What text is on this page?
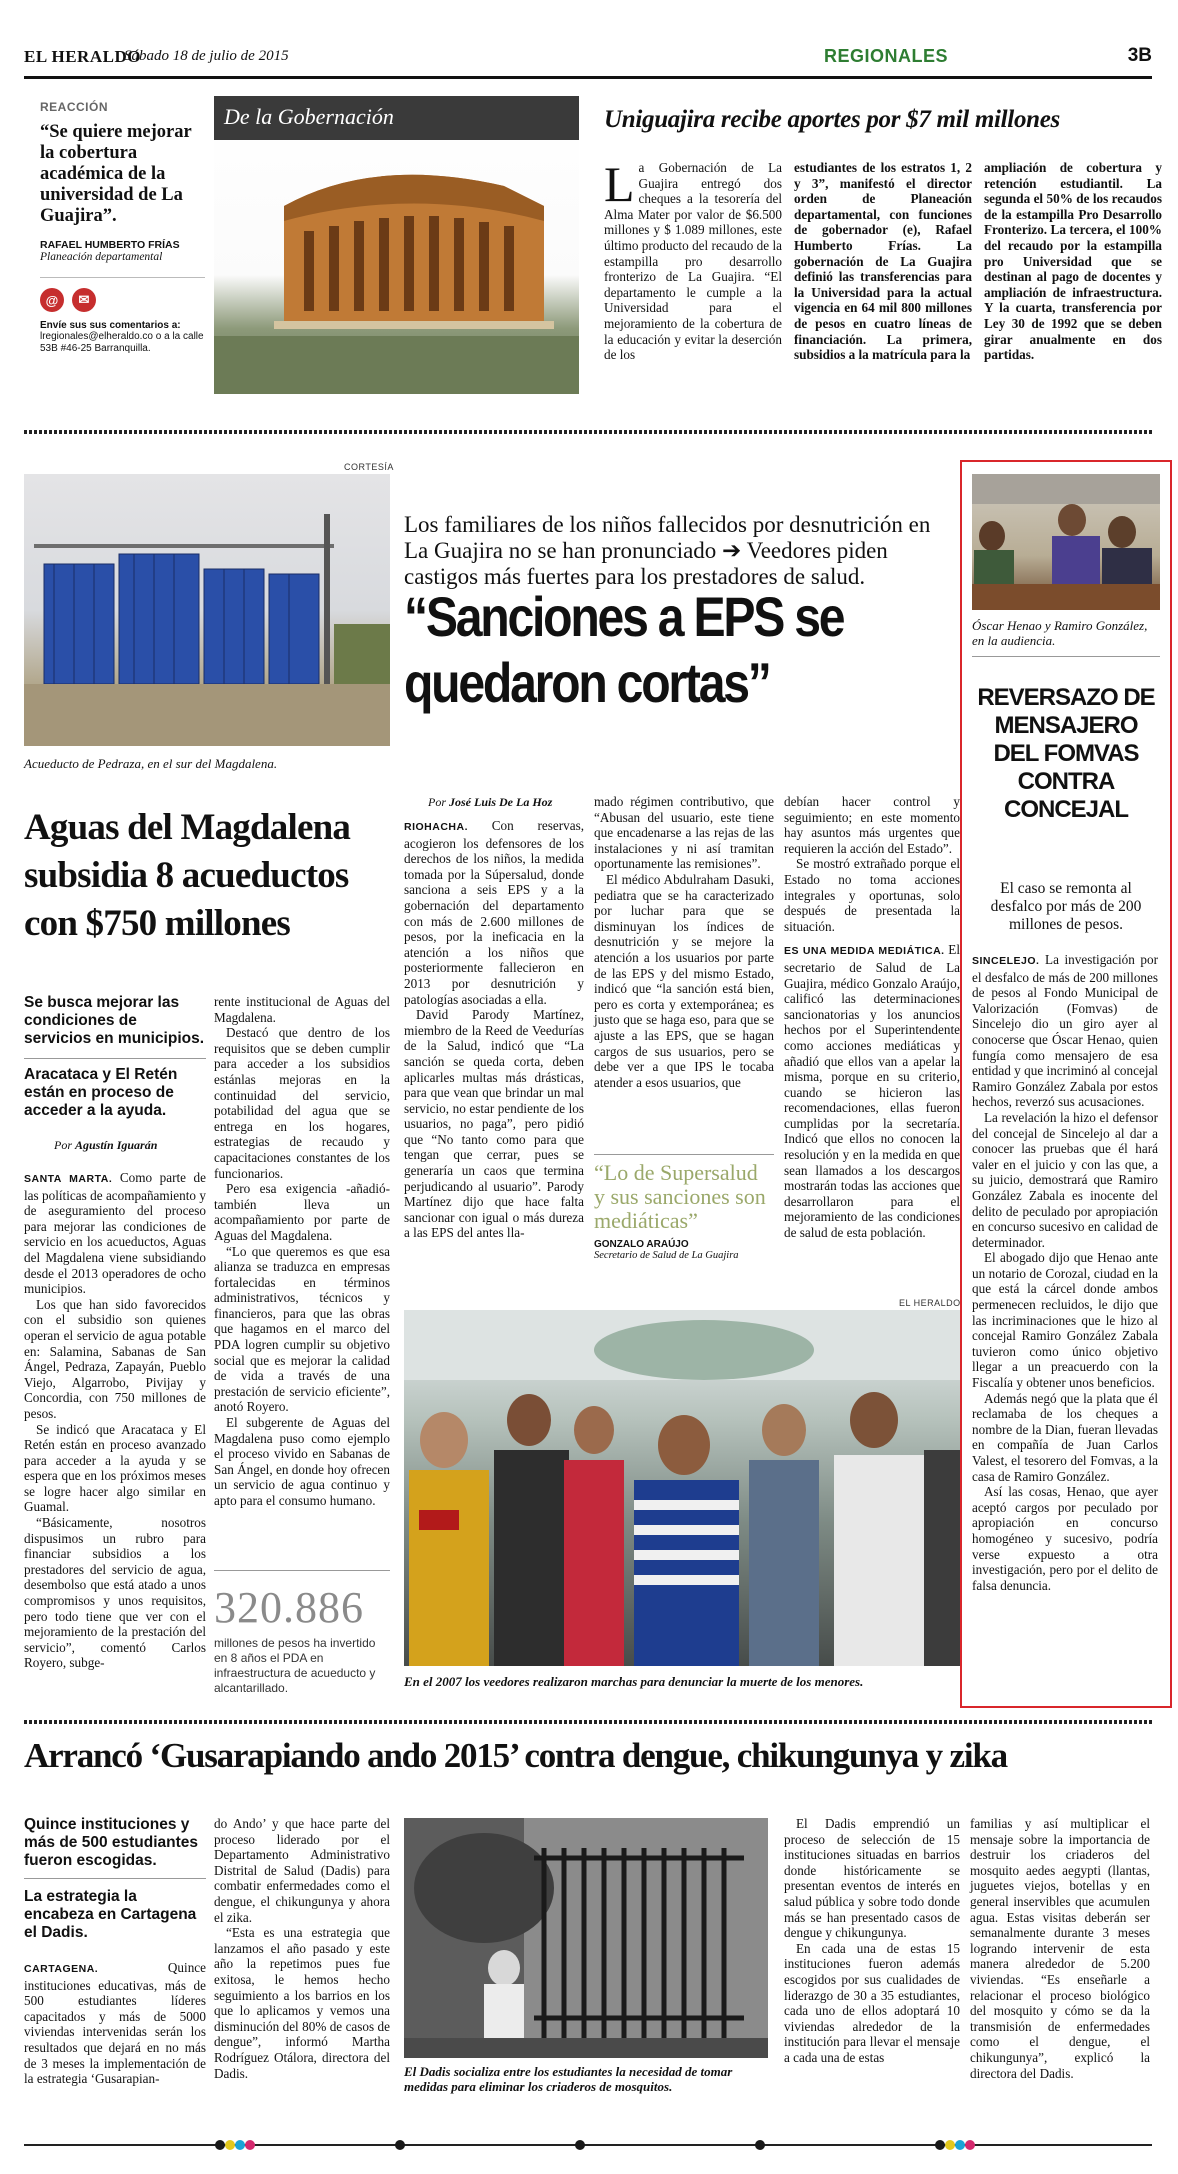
EL HERALDO
Sábado 18 de julio de 2015	REGIONALES	3B
REACCIÓN
“Se quiere mejorar la cobertura académica de la universidad de La Guajira”.
RAFAEL HUMBERTO FRÍAS
Planeación departamental
@	✉
Envíe sus sus comentarios a:
lregionales@elheraldo.co o a la calle 53B #46-25 Barranquilla.
De la Gobernación	Uniguajira recibe aportes por $7 mil millones
L a Gobernación de La Guajira entregó dos cheques a la tesorería del Alma Mater por valor de $6.500 millones y $ 1.089 millones, este último producto del recaudo de la estampilla pro desarrollo fronterizo de La Guajira. “El departamento le cumple a la Universidad para el mejoramiento de la cobertura de la educación y evitar la deserción de los
estudiantes de los estratos 1, 2 y 3”, manifestó el director orden de Planeación departamental, con funciones de gobernador (e), Rafael Humberto Frías. La gobernación de La Guajira definió las transferencias para la Universidad para la actual vigencia en 64 mil 800 millones de pesos en cuatro líneas de financiación. La primera, subsidios a la matrícula para la
ampliación de cobertura y retención estudiantil. La segunda el 50% de los recaudos de la estampilla Pro Desarrollo Fronterizo. La tercera, el 100% del recaudo por la estampilla pro Universidad que se destinan al pago de docentes y ampliación de infraestructura. Y la cuarta, transferencia por Ley 30 de 1992 que se deben girar anualmente en dos partidas.
CORTESÍA
Acueducto de Pedraza, en el sur del Magdalena.
Aguas del Magdalena subsidia 8 acueductos con $750 millones
Se busca mejorar las condiciones de servicios en municipios.
Aracataca y El Retén están en proceso de acceder a la ayuda.
Por Agustín Iguarán

SANTA MARTA. Como parte de las políticas de acompañamiento y de aseguramiento del proceso para mejorar las condiciones de servicio en los acueductos, Aguas del Magdalena viene subsidiando desde el 2013 operadores de ocho municipios.

Los que han sido favorecidos con el subsidio son quienes operan el servicio de agua potable en: Salamina, Sabanas de San Ángel, Pedraza, Zapayán, Pueblo Viejo, Algarrobo, Pivijay y Concordia, con 750 millones de pesos.

Se indicó que Aracataca y El Retén están en proceso avanzado para acceder a la ayuda y se espera que en los próximos meses se logre hacer algo similar en Guamal.

“Básicamente, nosotros dispusimos un rubro para financiar subsidios a los prestadores del servicio de agua, desembolso que está atado a unos compromisos y unos requisitos, pero todo tiene que ver con el mejoramiento de la prestación del servicio”, comentó Carlos Royero, subge-

rente institucional de Aguas del Magdalena.

Destacó que dentro de los requisitos que se deben cumplir para acceder a los subsidios estánlas mejoras en la continuidad del servicio, potabilidad del agua que se entrega en los hogares, estrategias de recaudo y capacitaciones constantes de los funcionarios.

Pero esa exigencia -añadió- también lleva un acompañamiento por parte de Aguas del Magdalena.

“Lo que queremos es que esa alianza se traduzca en empresas fortalecidas en términos administrativos, técnicos y financieros, para que las obras que hagamos en el marco del PDA logren cumplir su objetivo social que es mejorar la calidad de vida a través de una prestación de servicio eficiente”, anotó Royero.

El subgerente de Aguas del Magdalena puso como ejemplo el proceso vivido en Sabanas de San Ángel, en donde hoy ofrecen un servicio de agua continuo y apto para el consumo humano.

320.886
millones de pesos ha invertido en 8 años el PDA en infraestructura de acueducto y alcantarillado.
Los familiares de los niños fallecidos por desnutrición en La Guajira no se han pronunciado ➔ Veedores piden castigos más fuertes para los prestadores de salud.
“Sanciones a EPS se quedaron cortas”
Por José Luis De La Hoz

RIOHACHA. Con reservas, acogieron los defensores de los derechos de los niños, la medida tomada por la Súpersalud, donde sanciona a seis EPS y a la gobernación del departamento con más de 2.600 millones de pesos, por la ineficacia en la atención a los niños que posteriormente fallecieron en 2013 por desnutrición y patologías asociadas a ella.

David Parody Martínez, miembro de la Reed de Veedurías de la Salud, indicó que “La sanción se queda corta, deben aplicarles multas más drásticas, para que vean que brindar un mal servicio, no estar pendiente de los usuarios, no paga”, pero pidió que “No tanto como para que tengan que cerrar, pues se generaría un caos que termina perjudicando al usuario”. Parody Martínez dijo que hace falta sancionar con igual o más dureza a las EPS del antes lla-

mado régimen contributivo, que “Abusan del usuario, este tiene que encadenarse a las rejas de las instalaciones y ni así tramitan oportunamente las remisiones”.

El médico Abdulraham Dasuki, pediatra que se ha caracterizado por luchar para que se disminuyan los índices de desnutrición y se mejore la atención a los usuarios por parte de las EPS y del mismo Estado, indicó que “la sanción está bien, pero es corta y extemporánea; es justo que se haga eso, para que se ajuste a las EPS, que se hagan cargos de sus usuarios, pero se debe ver a que IPS le tocaba atender a esos usuarios, que

“Lo de Supersalud y sus sanciones son mediáticas”
GONZALO ARAÚJO
Secretario de Salud de La Guajira

debían hacer control y seguimiento; en este momento hay asuntos más urgentes que requieren la acción del Estado”.

Se mostró extrañado porque el Estado no toma acciones integrales y oportunas, solo después de presentada la situación.

ES UNA MEDIDA MEDIÁTICA. El secretario de Salud de La Guajira, médico Gonzalo Araújo, calificó las determinaciones sancionatorias y los anuncios hechos por el Superintendente como acciones mediáticas y añadió que ellos van a apelar la misma, porque en su criterio, cuando se hicieron las recomendaciones, ellas fueron cumplidas por la secretaría. Indicó que ellos no conocen la resolución y en la medida en que sean llamados a los descargos mostrarán todas las acciones que desarrollaron para el mejoramiento de las condiciones de salud de esta población.

EL HERALDO
En el 2007 los veedores realizaron marchas para denunciar la muerte de los menores.
Óscar Henao y Ramiro González, en la audiencia.
REVERSAZO DE MENSAJERO DEL FOMVAS CONTRA CONCEJAL
El caso se remonta al desfalco por más de 200 millones de pesos.

SINCELEJO. La investigación por el desfalco de más de 200 millones de pesos al Fondo Municipal de Valorización (Fomvas) de Sincelejo dio un giro ayer al conocerse que Óscar Henao, quien fungía como mensajero de esa entidad y que incriminó al concejal Ramiro González Zabala por estos hechos, reverzó sus acusaciones.

La revelación la hizo el defensor del concejal de Sincelejo al dar a conocer las pruebas que él hará valer en el juicio y con las que, a su juicio, demostrará que Ramiro González Zabala es inocente del delito de peculado por apropiación en concurso sucesivo en calidad de determinador.

El abogado dijo que Henao ante un notario de Corozal, ciudad en la que está la cárcel donde ambos permenecen recluidos, le dijo que las incriminaciones que le hizo al concejal Ramiro González Zabala tuvieron como único objetivo llegar a un preacuerdo con la Fiscalía y obtener unos beneficios.

Además negó que la plata que él reclamaba de los cheques a nombre de la Dian, fueran llevadas en compañía de Juan Carlos Valest, el tesorero del Fomvas, a la casa de Ramiro González.

Así las cosas, Henao, que ayer aceptó cargos por peculado por apropiación en concurso homogéneo y sucesivo, podría verse expuesto a otra investigación, pero por el delito de falsa denuncia.

Arrancó ‘Gusarapiando ando 2015’ contra dengue, chikungunya y zika
Quince instituciones y más de 500 estudiantes fueron escogidas.
La estrategia la encabeza en Cartagena el Dadis.

CARTAGENA.	Quince instituciones educativas, más de 500 estudiantes líderes capacitados y más de 5000 viviendas intervenidas serán los resultados que dejará en no más de 3 meses la implementación de la estrategia ‘Gusarapian-

do Ando’ y que hace parte del proceso liderado por el Departamento Administrativo Distrital de Salud (Dadis) para combatir enfermedades como el dengue, el chikungunya y ahora el zika.

“Esta es una estrategia que lanzamos el año pasado y este año la repetimos pues fue exitosa, le hemos hecho seguimiento a los barrios en los que lo aplicamos y vemos una disminución del 80% de casos de dengue”, informó Martha Rodríguez Otálora, directora del Dadis.	El Dadis socializa entre los estudiantes la necesidad de tomar medidas para eliminar los criaderos de mosquitos.

El Dadis emprendió un proceso de selección de 15 instituciones situadas en barrios donde históricamente se presentan eventos de interés en salud pública y sobre todo donde más se han presentado casos de dengue y chikungunya.

En cada una de estas 15 instituciones fueron además escogidos por sus cualidades de liderazgo de 30 a 35 estudiantes, cada uno de ellos adoptará 10 viviendas alrededor de la institución para llevar el mensaje a cada una de estas

familias y así multiplicar el mensaje sobre la importancia de destruir los criaderos del mosquito aedes aegypti (llantas, juguetes viejos, botellas y en general inservibles que acumulen agua. Estas visitas deberán ser semanalmente durante 3 meses logrando intervenir de esta manera alrededor de 5.200 viviendas. “Es enseñarle a relacionar el proceso biológico del mosquito y cómo se da la transmisión de enfermedades como el dengue, el chikungunya”, explicó la directora del Dadis.
